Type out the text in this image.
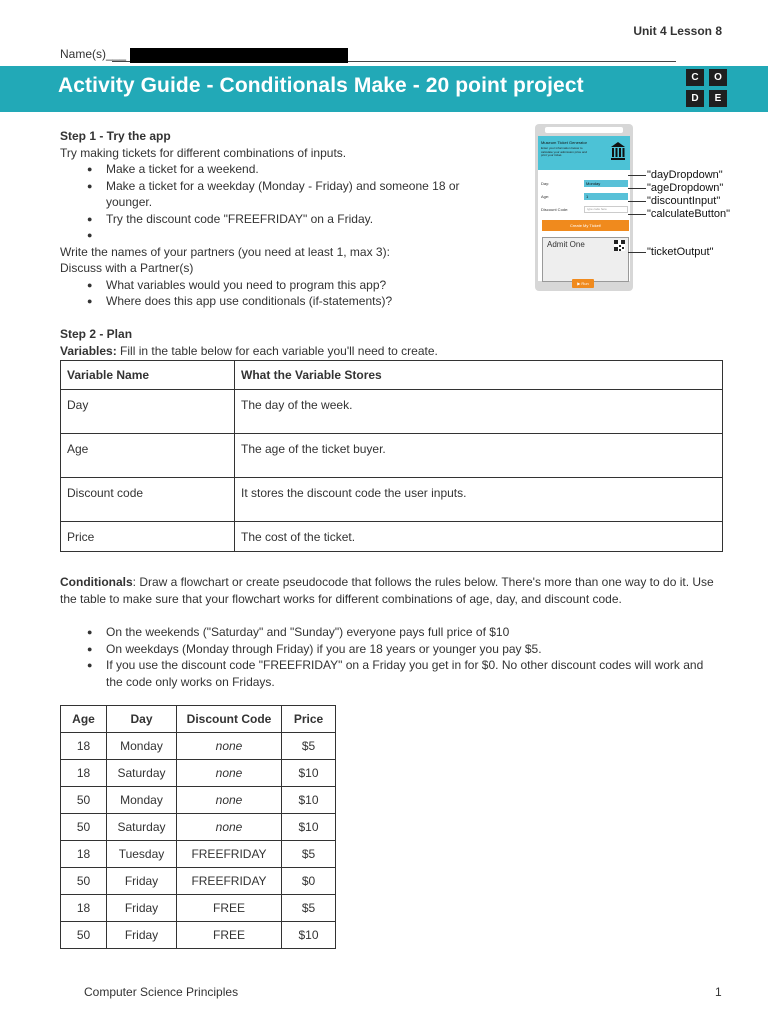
Unit 4 Lesson 8
Name(s)___
Activity Guide - Conditionals Make - 20 point project	C	O
D	E
Step 1 - Try the app
Try making tickets for different combinations of inputs.
● Make a ticket for a weekend.
● Make a ticket for a weekday (Monday - Friday) and someone 18 or younger.
● Try the discount code "FREEFRIDAY" on a Friday.
●
Write the names of your partners (you need at least 1, max 3):
Discuss with a Partner(s)
● What variables would you need to program this app?
● Where does this app use conditionals (if-statements)?
Museum Ticket Generator
Enter your information below to calculate your admission price and print your ticket.
Day:	Monday
Age:	1
Discount Code:	type code here
Create My Ticket!
Admit One
▶ Run
"dayDropdown"
"ageDropdown"
"discountInput"
"calculateButton"
"ticketOutput"
Step 2 - Plan
Variables: Fill in the table below for each variable you'll need to create.
Variable Name	What the Variable Stores
Day	The day of the week.
Age	The age of the ticket buyer.
Discount code	It stores the discount code the user inputs.
Price	The cost of the ticket.
Conditionals: Draw a flowchart or create pseudocode that follows the rules below. There's more than one way to do it. Use the table to make sure that your flowchart works for different combinations of age, day, and discount code.
● On the weekends ("Saturday" and "Sunday") everyone pays full price of $10
● On weekdays (Monday through Friday) if you are 18 years or younger you pay $5.
● If you use the discount code "FREEFRIDAY" on a Friday you get in for $0. No other discount codes will work and the code only works on Fridays.
Age	Day	Discount Code	Price
18	Monday	none	$5
18	Saturday	none	$10
50	Monday	none	$10
50	Saturday	none	$10
18	Tuesday	FREEFRIDAY	$5
50	Friday	FREEFRIDAY	$0
18	Friday	FREE	$5
50	Friday	FREE	$10
Computer Science Principles	1
